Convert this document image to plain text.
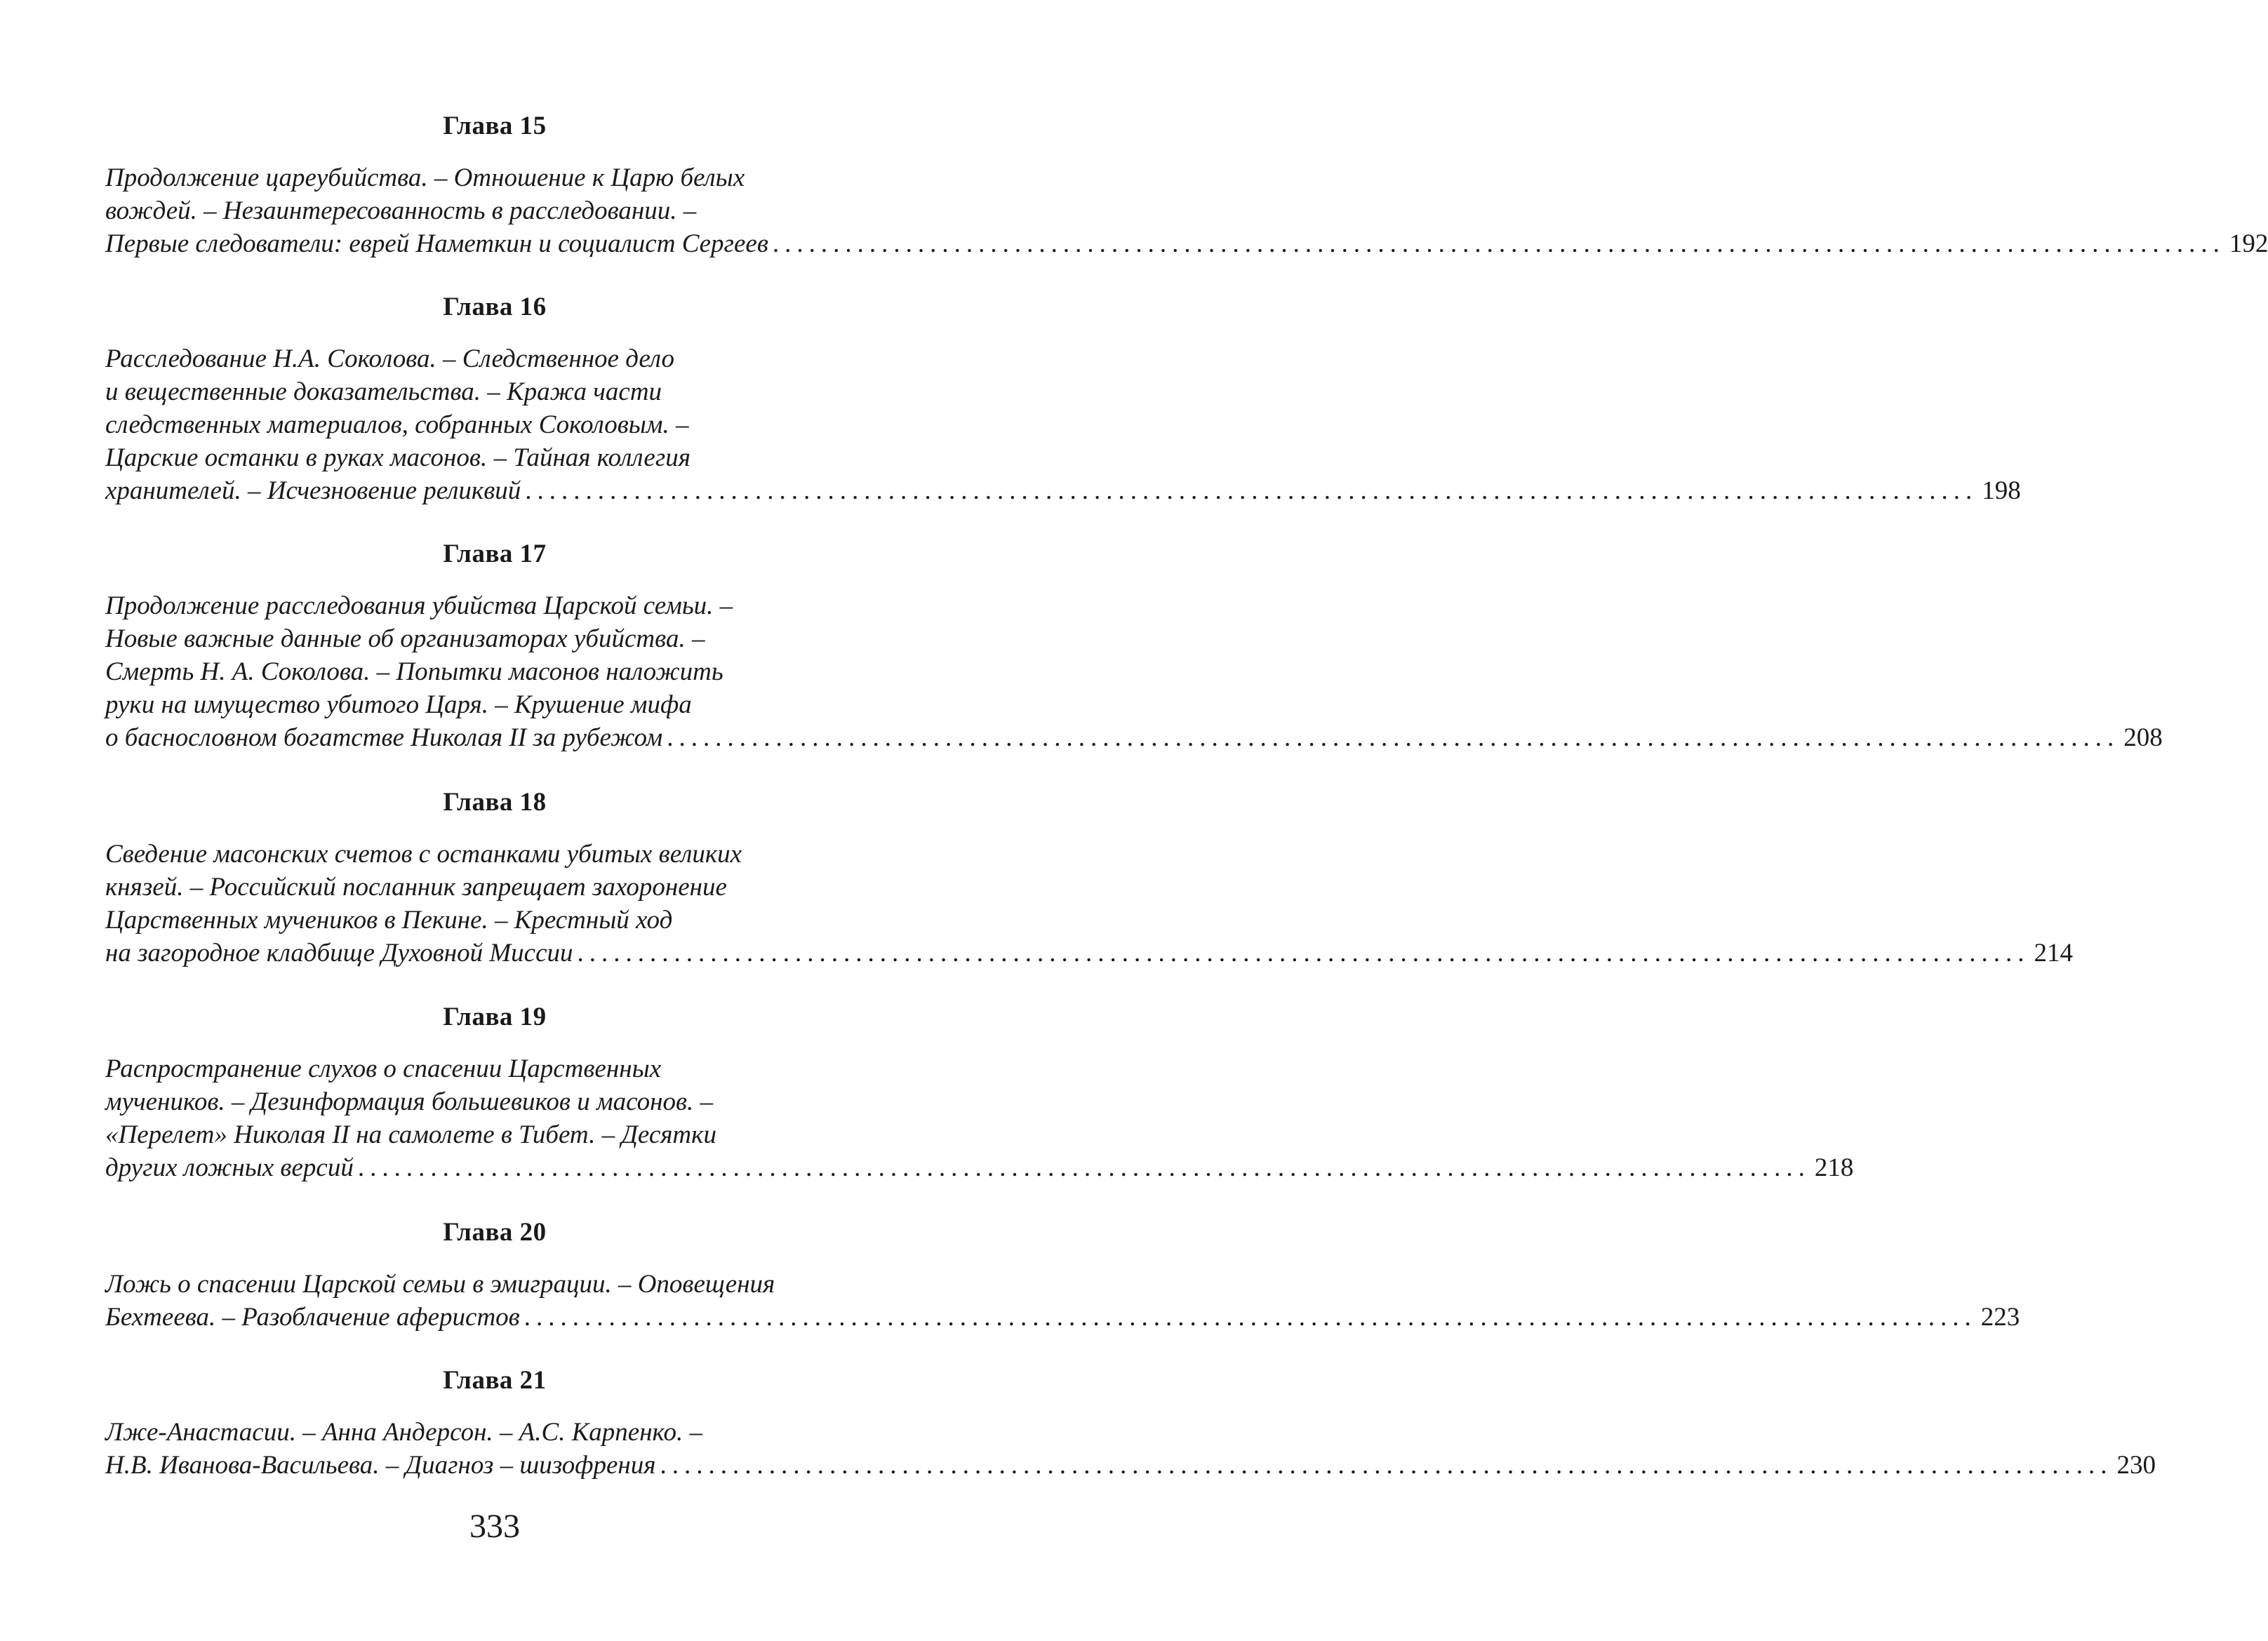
Глава 15
Продолжение цареубийства. – Отношение к Царю белых
вождей. – Незаинтересованность в расследовании. –
Первые следователи: еврей Наметкин и социалист Сергеев ........................................................................................................................ 192
Глава 16
Расследование Н.А. Соколова. – Следственное дело
и вещественные доказательства. – Кража части
следственных материалов, собранных Соколовым. –
Царские останки в руках масонов. – Тайная коллегия
хранителей. – Исчезновение реликвий ........................................................................................................................ 198
Глава 17
Продолжение расследования убийства Царской семьи. –
Новые важные данные об организаторах убийства. –
Смерть Н. А. Соколова. – Попытки масонов наложить
руки на имущество убитого Царя. – Крушение мифа
о баснословном богатстве Николая II за рубежом ........................................................................................................................ 208
Глава 18
Сведение масонских счетов с останками убитых великих
князей. – Российский посланник запрещает захоронение
Царственных мучеников в Пекине. – Крестный ход
на загородное кладбище Духовной Миссии ........................................................................................................................ 214
Глава 19
Распространение слухов о спасении Царственных
мучеников. – Дезинформация большевиков и масонов. –
«Перелет» Николая II на самолете в Тибет. – Десятки
других ложных версий ........................................................................................................................ 218
Глава 20
Ложь о спасении Царской семьи в эмиграции. – Оповещения
Бехтеева. – Разоблачение аферистов ........................................................................................................................ 223
Глава 21
Лже-Анастасии. – Анна Андерсон. – А.С. Карпенко. –
Н.В. Иванова-Васильева. – Диагноз – шизофрения ........................................................................................................................ 230
333
